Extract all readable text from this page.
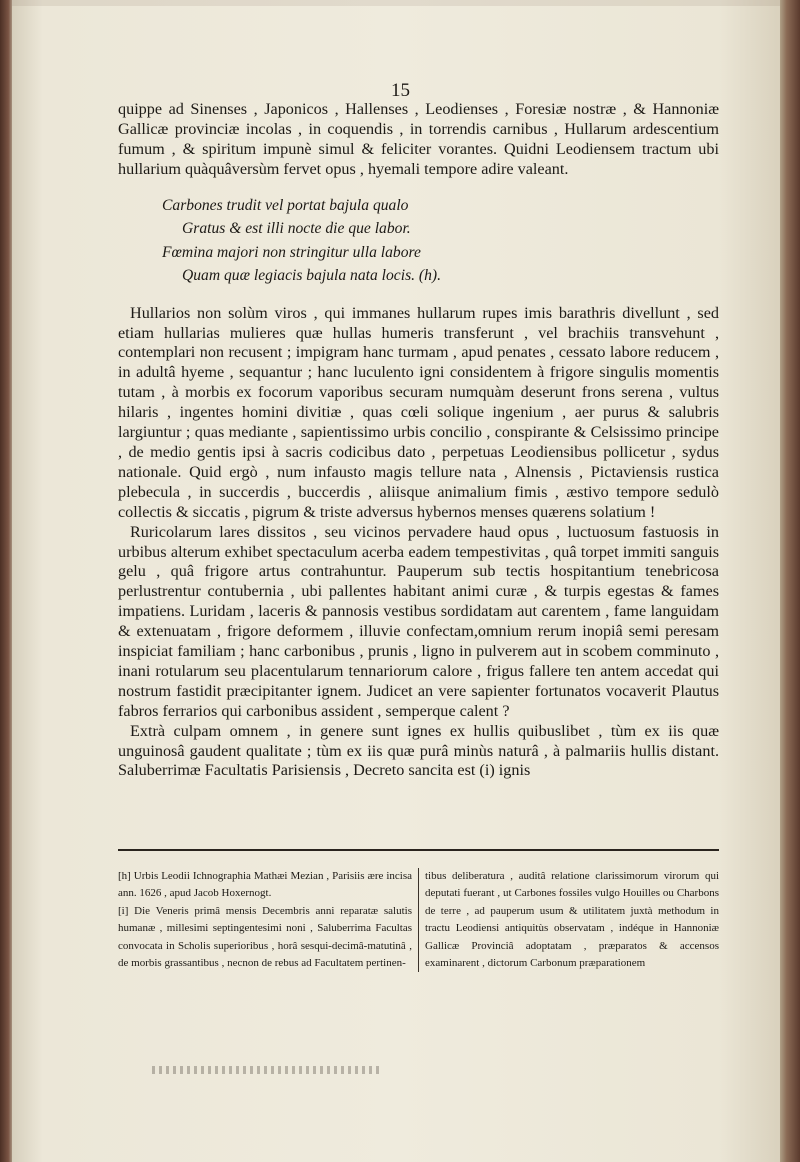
15

quippe ad Sinenses , Japonicos , Hallenses , Leodienses , Foresiæ nostræ , & Hannoniæ Gallicæ provinciæ incolas , in coquendis , in torrendis carnibus , Hullarum ardescentium fumum , & spiritum impunè simul & feliciter vorantes. Quidni Leodiensem tractum ubi hullarium quàquâversùm fervet opus , hyemali tempore adire valeant.

Carbones trudit vel portat bajula qualo
Gratus & est illi nocte die que labor.
Fœmina majori non stringitur ulla labore
Quam quæ legiacis bajula nata locis. (h).

Hullarios non solùm viros , qui immanes hullarum rupes imis barathris divellunt , sed etiam hullarias mulieres quæ hullas humeris transferunt , vel brachiis transvehunt , contemplari non recusent ; impigram hanc turmam , apud penates , cessato labore reducem , in adultâ hyeme , sequantur ; hanc luculento igni considentem à frigore singulis momentis tutam , à morbis ex focorum vaporibus securam numquàm deserunt frons serena , vultus hilaris , ingentes homini divitiæ , quas cœli solique ingenium , aer purus & salubris largiuntur ; quas mediante , sapientissimo urbis concilio , conspirante & Celsissimo principe , de medio gentis ipsi à sacris codicibus dato , perpetuas Leodiensibus pollicetur , sydus nationale. Quid ergò , num infausto magis tellure nata , Alnensis , Pictaviensis rustica plebecula , in succerdis , buccerdis , aliisque animalium fimis , æstivo tempore sedulò collectis & siccatis , pigrum & triste adversus hybernos menses quærens solatium !

Ruricolarum lares dissitos , seu vicinos pervadere haud opus , luctuosum fastuosis in urbibus alterum exhibet spectaculum acerba eadem tempestivitas , quâ torpet immiti sanguis gelu , quâ frigore artus contrahuntur. Pauperum sub tectis hospitantium tenebricosa perlustrentur contubernia , ubi pallentes habitant animi curæ , & turpis egestas & fames impatiens. Luridam , laceris & pannosis vestibus sordidatam aut carentem , fame languidam & extenuatam , frigore deformem , illuvie confectam,omnium rerum inopiâ semi peresam inspiciat familiam ; hanc carbonibus , prunis , ligno in pulverem aut in scobem comminuto , inani rotularum seu placentularum tennariorum calore , frigus fallere ten antem accedat qui nostrum fastidit præcipitanter ignem. Judicet an vere sapienter fortunatos vocaverit Plautus fabros ferrarios qui carbonibus assident , semperque calent ?

Extrà culpam omnem , in genere sunt ignes ex hullis quibuslibet , tùm ex iis quæ unguinosâ gaudent qualitate ; tùm ex iis quæ purâ minùs naturâ , à palmariis hullis distant. Saluberrimæ Facultatis Parisiensis , Decreto sancita est (i) ignis

[h] Urbis Leodii Ichnographia Mathæi Mezian , Parisiis ære incisa ann. 1626 , apud Jacob Hoxernogt.

[i] Die Veneris primâ mensis Decembris anni reparatæ salutis humanæ , millesimi septingentesimi noni , Saluberrima Facultas convocata in Scholis superioribus , horâ sesqui-decimâ-matutinâ , de morbis grassantibus , necnon de rebus ad Facultatem pertinen-

tibus deliberatura , auditâ relatione clarissimorum virorum qui deputati fuerant , ut Carbones fossiles vulgo Houilles ou Charbons de terre , ad pauperum usum & utilitatem juxtà methodum in tractu Leodiensi antiquitùs observatam , indéque in Hannoniæ Gallicæ Provinciâ adoptatam , præparatos & accensos examinarent , dictorum Carbonum præparationem
